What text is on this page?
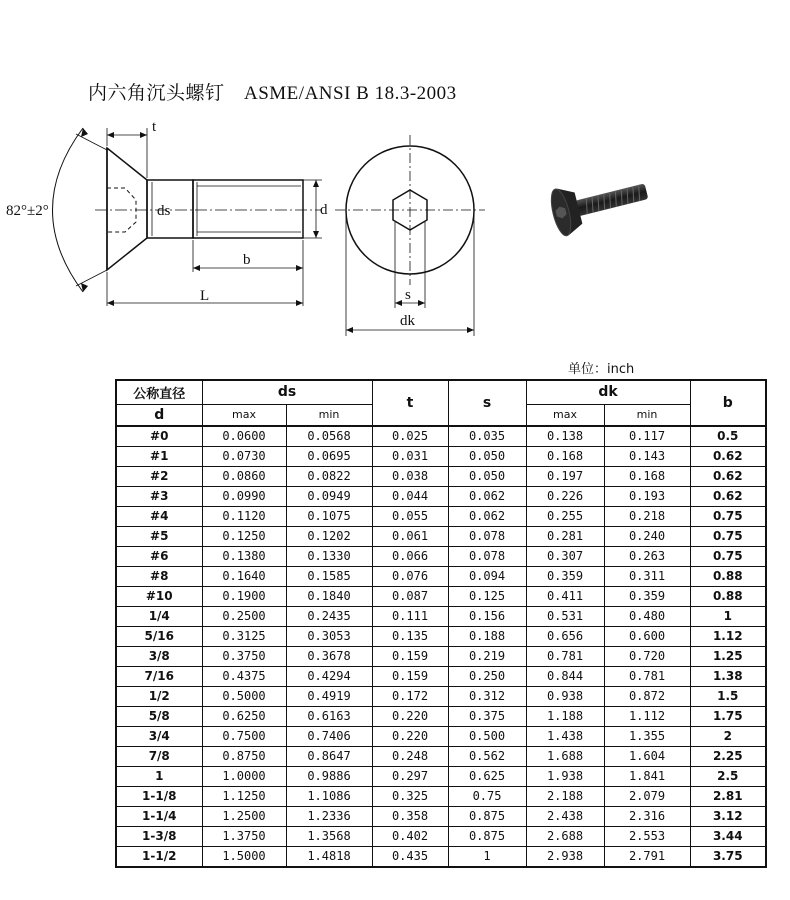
内六角沉头螺钉　ASME/ANSI B 18.3-2003
82°±2°
t
ds	d
b
L	s
dk
单位：inch
公称直径	ds		t	s	dk		b
d	max	min			max	min	
#0	0.0600	0.0568	0.025	0.035	0.138	0.117	0.5
#1	0.0730	0.0695	0.031	0.050	0.168	0.143	0.62
#2	0.0860	0.0822	0.038	0.050	0.197	0.168	0.62
#3	0.0990	0.0949	0.044	0.062	0.226	0.193	0.62
#4	0.1120	0.1075	0.055	0.062	0.255	0.218	0.75
#5	0.1250	0.1202	0.061	0.078	0.281	0.240	0.75
#6	0.1380	0.1330	0.066	0.078	0.307	0.263	0.75
#8	0.1640	0.1585	0.076	0.094	0.359	0.311	0.88
#10	0.1900	0.1840	0.087	0.125	0.411	0.359	0.88
1/4	0.2500	0.2435	0.111	0.156	0.531	0.480	1
5/16	0.3125	0.3053	0.135	0.188	0.656	0.600	1.12
3/8	0.3750	0.3678	0.159	0.219	0.781	0.720	1.25
7/16	0.4375	0.4294	0.159	0.250	0.844	0.781	1.38
1/2	0.5000	0.4919	0.172	0.312	0.938	0.872	1.5
5/8	0.6250	0.6163	0.220	0.375	1.188	1.112	1.75
3/4	0.7500	0.7406	0.220	0.500	1.438	1.355	2
7/8	0.8750	0.8647	0.248	0.562	1.688	1.604	2.25
1	1.0000	0.9886	0.297	0.625	1.938	1.841	2.5
1-1/8	1.1250	1.1086	0.325	0.75	2.188	2.079	2.81
1-1/4	1.2500	1.2336	0.358	0.875	2.438	2.316	3.12
1-3/8	1.3750	1.3568	0.402	0.875	2.688	2.553	3.44
1-1/2	1.5000	1.4818	0.435	1	2.938	2.791	3.75
